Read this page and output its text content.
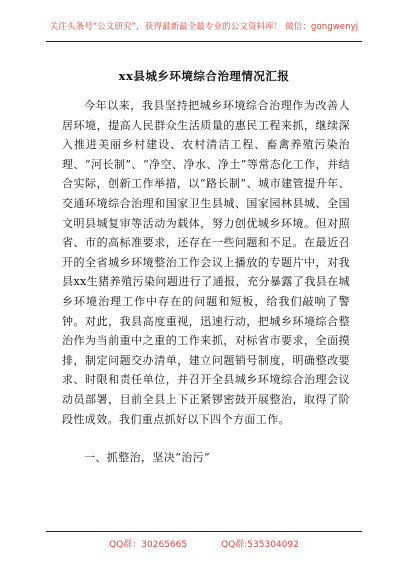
关注头条号“公文研究”，获得最新最全最专业的公文资料库！ 微信：gongwenyj
xx县城乡环境综合治理情况汇报

今年以来，我县坚持把城乡环境综合治理作为改善人居环境，提高人民群众生活质量的惠民工程来抓，继续深入推进美丽乡村建设、农村清洁工程、畜禽养殖污染治理、“河长制”、“净空、净水、净土”等常态化工作，并结合实际，创新工作举措，以“路长制”、城市建管提升年、交通环境综合治理和国家卫生县城、国家园林县城、全国文明县城复审等活动为载体，努力创优城乡环境。但对照省、市的高标准要求，还存在一些问题和不足。在最近召开的全省城乡环境整治工作会议上播放的专题片中，对我县xx生猪养殖污染问题进行了通报，充分暴露了我县在城乡环境治理工作中存在的问题和短板，给我们敲响了警钟。对此，我县高度重视，迅速行动，把城乡环境综合整治作为当前重中之重的工作来抓，对标省市要求，全面摸排，制定问题交办清单，建立问题销号制度，明确整改要求、时限和责任单位，并召开全县城乡环境综合治理会议动员部署，目前全县上下正紧锣密鼓开展整治，取得了阶段性成效。我们重点抓好以下四个方面工作。

一、抓整治，坚决“治污”

QQ群：30265665	QQ群:535304092
